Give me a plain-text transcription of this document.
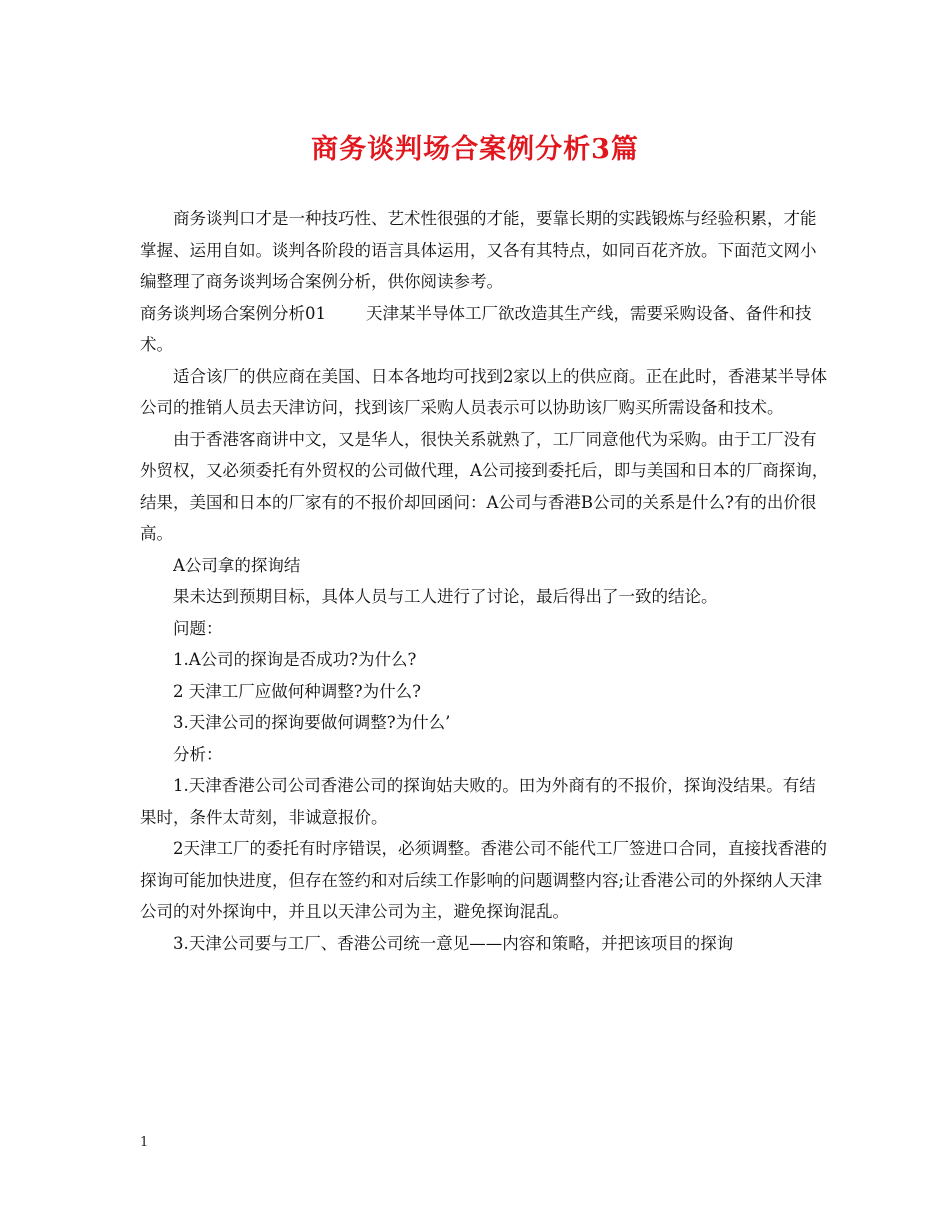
商务谈判场合案例分析3篇

商务谈判口才是一种技巧性、艺术性很强的才能，要靠长期的实践锻炼与经验积累，才能掌握、运用自如。谈判各阶段的语言具体运用，又各有其特点，如同百花齐放。下面范文网小编整理了商务谈判场合案例分析，供你阅读参考。

商务谈判场合案例分析01 天津某半导体工厂欲改造其生产线，需要采购设备、备件和技术。

适合该厂的供应商在美国、日本各地均可找到2家以上的供应商。正在此时，香港某半导体公司的推销人员去天津访问，找到该厂采购人员表示可以协助该厂购买所需设备和技术。

由于香港客商讲中文，又是华人，很快关系就熟了，工厂同意他代为采购。由于工厂没有外贸权，又必须委托有外贸权的公司做代理，A公司接到委托后，即与美国和日本的厂商探询，结果，美国和日本的厂家有的不报价却回函问：A公司与香港B公司的关系是什么?有的出价很高。

A公司拿的探询结

果未达到预期目标，具体人员与工人进行了讨论，最后得出了一致的结论。

问题：

1.A公司的探询是否成功?为什么?

2 天津工厂应做何种调整?为什么?

3.天津公司的探询要做何调整?为什么’

分析：

1.天津香港公司公司香港公司的探询姑夫败的。田为外商有的不报价，探询没结果。有结果时，条件太苛刻，非诚意报价。

2天津工厂的委托有时序错误，必须调整。香港公司不能代工厂签进口合同，直接找香港的探询可能加快进度，但存在签约和对后续工作影响的问题调整内容;让香港公司的外探纳人天津公司的对外探询中，并且以天津公司为主，避免探询混乱。

3.天津公司要与工厂、香港公司统一意见——内容和策略，并把该项目的探询

1
